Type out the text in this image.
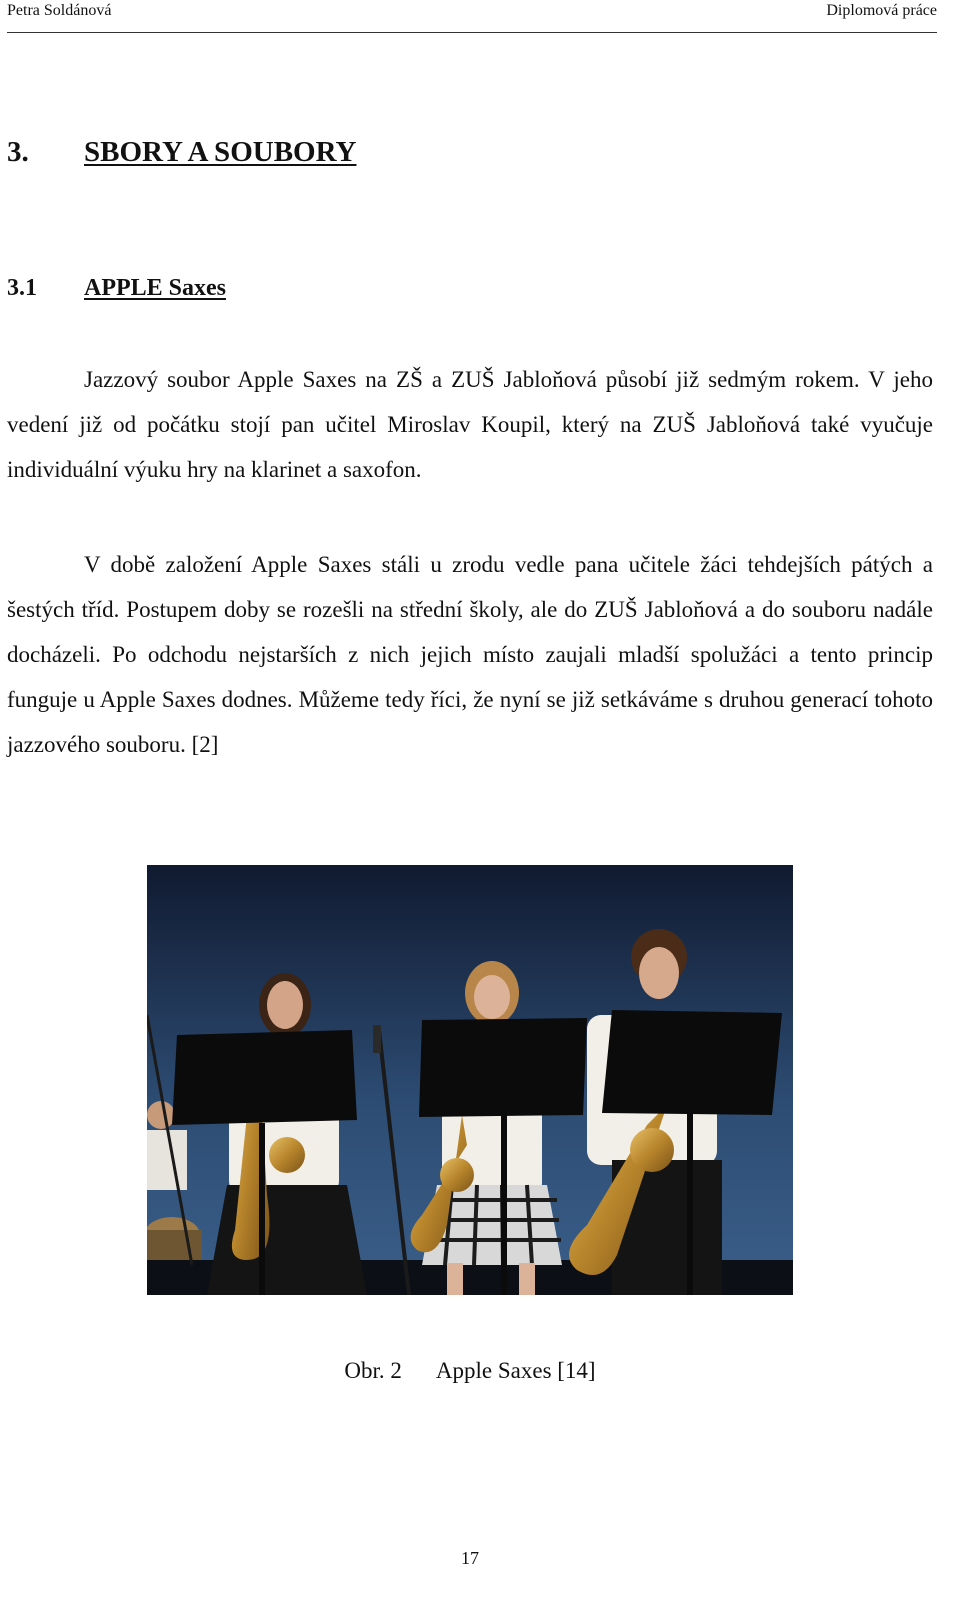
Petra Soldánová	Diplomová práce
3. SBORY A SOUBORY
3.1 APPLE Saxes

Jazzový soubor Apple Saxes na ZŠ a ZUŠ Jabloňová působí již sedmým rokem. V jeho vedení již od počátku stojí pan učitel Miroslav Koupil, který na ZUŠ Jabloňová také vyučuje individuální výuku hry na klarinet a saxofon.

V době založení Apple Saxes stáli u zrodu vedle pana učitele žáci tehdejších pátých a šestých tříd. Postupem doby se rozešli na střední školy, ale do ZUŠ Jabloňová a do souboru nadále docházeli. Po odchodu nejstarších z nich jejich místo zaujali mladší spolužáci a tento princip funguje u Apple Saxes dodnes. Můžeme tedy říci, že nyní se již setkáváme s druhou generací tohoto jazzového souboru. [2]

Obr. 2 Apple Saxes [14]
17
